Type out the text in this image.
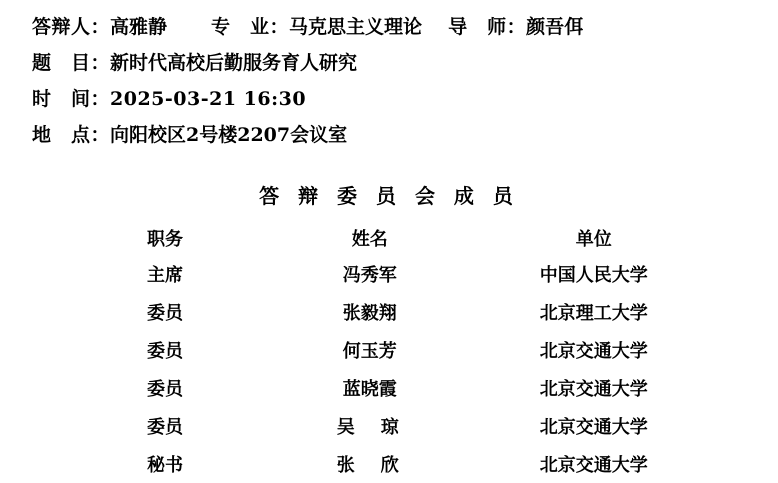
答辩人： 高雅静 专　业： 马克思主义理论 导　师： 颜吾佴
题　目： 新时代高校后勤服务育人研究
时　间： 2025-03-21 16:30
地　点： 向阳校区2号楼2207会议室
答 辩 委 员 会 成 员
职务	姓名	单位
主席	冯秀军	中国人民大学
委员	张毅翔	北京理工大学
委员	何玉芳	北京交通大学
委员	蓝晓霞	北京交通大学
委员	吴　琼	北京交通大学
秘书	张　欣	北京交通大学
